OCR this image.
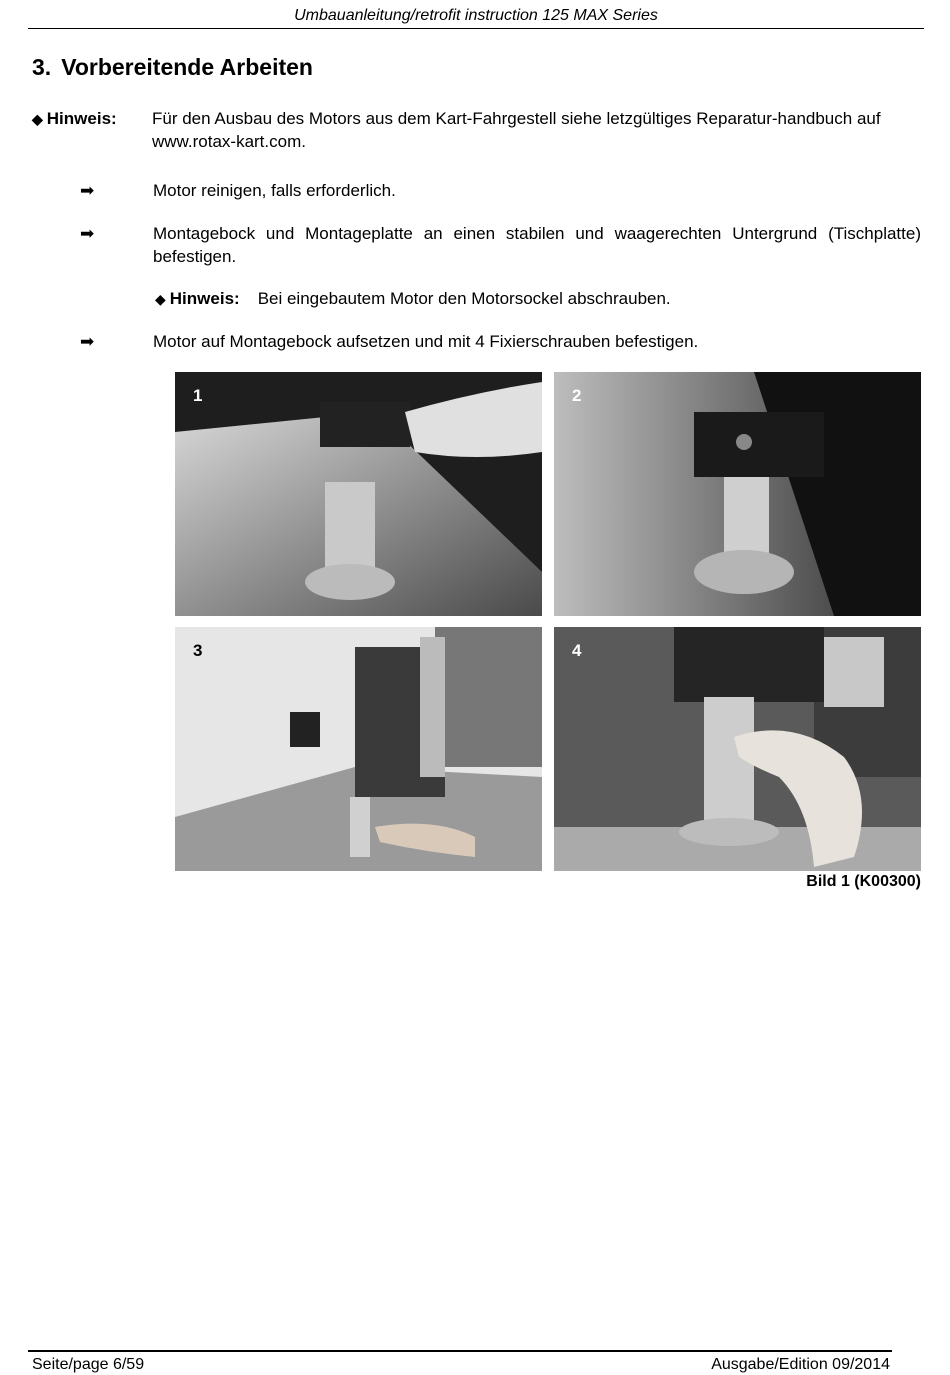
Umbauanleitung/retrofit instruction 125 MAX Series
3. Vorbereitende Arbeiten
◆ Hinweis: Für den Ausbau des Motors aus dem Kart-Fahrgestell siehe letzgültiges Reparatur-handbuch auf www.rotax-kart.com.
➡	Motor reinigen, falls erforderlich.
➡	Montagebock und Montageplatte an einen stabilen und waagerechten Untergrund (Tischplatte) befestigen.
◆ Hinweis: Bei eingebautem Motor den Motorsockel abschrauben.
➡	Motor auf Montagebock aufsetzen und mit 4 Fixierschrauben befestigen.
1	2
3	4
Bild 1 (K00300)
Seite/page 6/59	Ausgabe/Edition 09/2014
